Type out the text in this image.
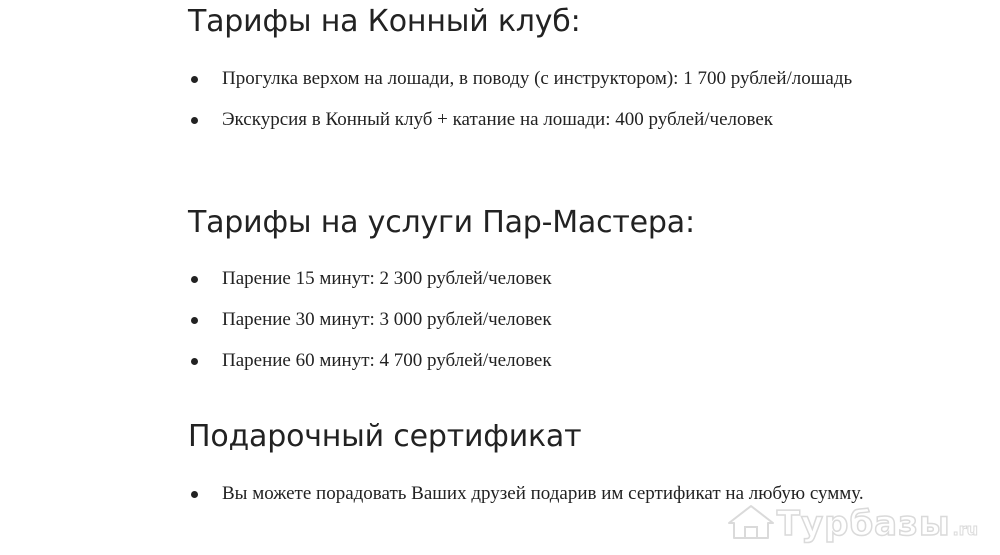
Тарифы на Конный клуб:
Прогулка верхом на лошади, в поводу (с инструктором): 1 700 рублей/лошадь
Экскурсия в Конный клуб + катание на лошади: 400 рублей/человек
Тарифы на услуги Пар-Мастера:
Парение 15 минут: 2 300 рублей/человек
Парение 30 минут: 3 000 рублей/человек
Парение 60 минут: 4 700 рублей/человек
Подарочный сертификат
Вы можете порадовать Ваших друзей подарив им сертификат на любую сумму.
Турбазы .ru
